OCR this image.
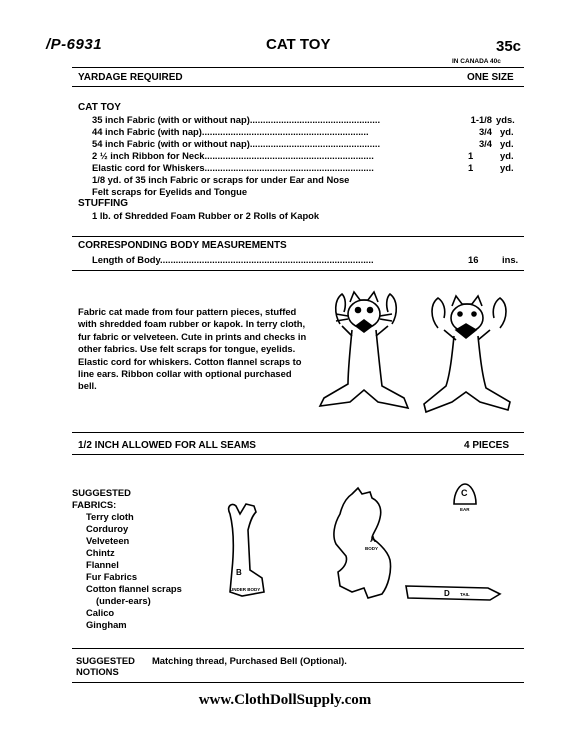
/P-6931	CAT TOY	35c
IN CANADA 40c
YARDAGE REQUIRED	ONE SIZE
CAT TOY
35 inch Fabric (with or without nap)..................................................	1-1/8 yds.
44 inch Fabric (with nap)................................................................	3/4 yd.
54 inch Fabric (with or without nap)..................................................	3/4 yd.
2 ½ inch Ribbon for Neck.................................................................	1	yd.
Elastic cord for Whiskers.................................................................	1	yd.
1/8 yd. of 35 inch Fabric or scraps for under Ear and Nose
Felt scraps for Eyelids and Tongue
STUFFING
1 lb. of Shredded Foam Rubber or 2 Rolls of Kapok
CORRESPONDING BODY MEASUREMENTS
Length of Body..................................................................................	16	ins.
Fabric cat made from four pattern pieces, stuffed with shredded foam rubber or kapok. In terry cloth, fur fabric or velveteen. Cute in prints and checks in other fabrics. Use felt scraps for tongue, eyelids. Elastic cord for whiskers. Cotton flannel scraps to line ears. Ribbon collar with optional purchased bell.
1/2 INCH ALLOWED FOR ALL SEAMS	4 PIECES
SUGGESTED
FABRICS:
Terry cloth
Corduroy
Velveteen
Chintz
Flannel
Fur Fabrics
Cotton flannel scraps
(under-ears)
Calico
Gingham
B
UNDER BODY
A
BODY
C
EAR
D TAIL
SUGGESTED
NOTIONS
Matching thread, Purchased Bell (Optional).
www.ClothDollSupply.com
